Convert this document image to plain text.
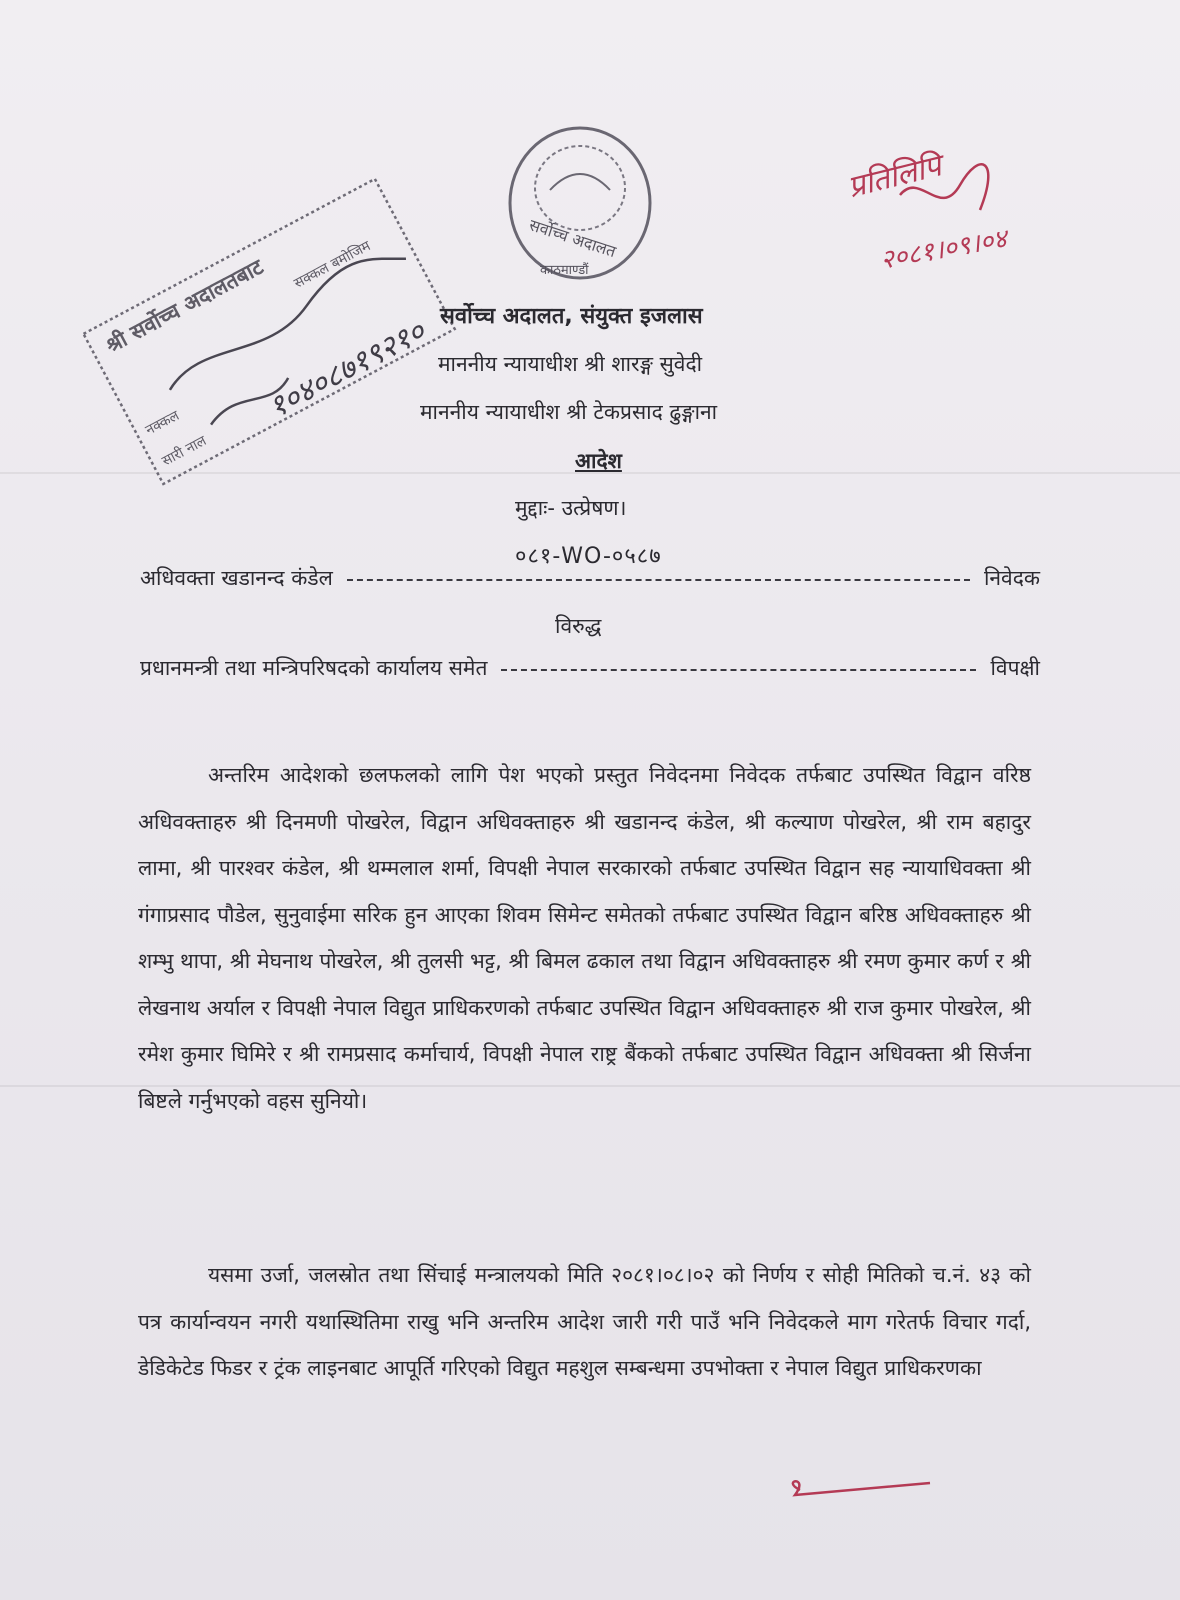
सर्वोच्च अदालत
काठमाण्डौं
श्री सर्वोच्च अदालतबाट सक्कल बमोजिम
नक्कल
सारी नाल
१०४०८७१९२१०
प्रतिलिपि
२०८१।०९।०४
सर्वोच्च अदालत, संयुक्त इजलास
माननीय न्यायाधीश श्री शारङ्ग सुवेदी
माननीय न्यायाधीश श्री टेकप्रसाद ढुङ्गाना
आदेश
मुद्दाः- उत्प्रेषण।
०८१-WO-०५८७
अधिवक्ता खडानन्द कंडेल	निवेदक
विरुद्ध
प्रधानमन्त्री तथा मन्त्रिपरिषदको कार्यालय समेत	विपक्षी

अन्तरिम आदेशको छलफलको लागि पेश भएको प्रस्तुत निवेदनमा निवेदक तर्फबाट उपस्थित विद्वान वरिष्ठ अधिवक्ताहरु श्री दिनमणी पोखरेल, विद्वान अधिवक्ताहरु श्री खडानन्द कंडेल, श्री कल्याण पोखरेल, श्री राम बहादुर लामा, श्री पारश्वर कंडेल, श्री थम्मलाल शर्मा, विपक्षी नेपाल सरकारको तर्फबाट उपस्थित विद्वान सह न्यायाधिवक्ता श्री गंगाप्रसाद पौडेल, सुनुवाईमा सरिक हुन आएका शिवम सिमेन्ट समेतको तर्फबाट उपस्थित विद्वान बरिष्ठ अधिवक्ताहरु श्री शम्भु थापा, श्री मेघनाथ पोखरेल, श्री तुलसी भट्ट, श्री बिमल ढकाल तथा विद्वान अधिवक्ताहरु श्री रमण कुमार कर्ण र श्री लेखनाथ अर्याल र विपक्षी नेपाल विद्युत प्राधिकरणको तर्फबाट उपस्थित विद्वान अधिवक्ताहरु श्री राज कुमार पोखरेल, श्री रमेश कुमार घिमिरे र श्री रामप्रसाद कर्माचार्य, विपक्षी नेपाल राष्ट्र बैंकको तर्फबाट उपस्थित विद्वान अधिवक्ता श्री सिर्जना बिष्टले गर्नुभएको वहस सुनियो।

यसमा उर्जा, जलस्रोत तथा सिंचाई मन्त्रालयको मिति २०८१।०८।०२ को निर्णय र सोही मितिको च.नं. ४३ को पत्र कार्यान्वयन नगरी यथास्थितिमा राखु भनि अन्तरिम आदेश जारी गरी पाउँ भनि निवेदकले माग गरेतर्फ विचार गर्दा, डेडिकेटेड फिडर र ट्रंक लाइनबाट आपूर्ति गरिएको विद्युत महशुल सम्बन्धमा उपभोक्ता र नेपाल विद्युत प्राधिकरणका
